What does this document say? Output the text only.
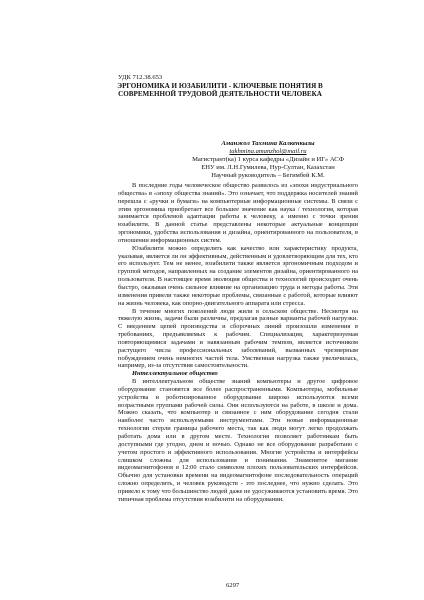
УДК 712.38.653
ЭРГОНОМИКА И ЮЗАБИЛИТИ - КЛЮЧЕВЫЕ ПОНЯТИЯ В СОВРЕМЕННОЙ ТРУДОВОЙ ДЕЯТЕЛЬНОСТИ ЧЕЛОВЕКА
Аманжол Тахмина Калкенкызы
takhmina.amanzhol@mail.ru
Магистрант(ка) 1 курса кафедры «Дизайн и ИГ» АСФ
ЕНУ им. Л.Н.Гумилева, Нур-Султан, Казахстан
Научный руководитель – Бегимбей К.М.

В последние годы человеческое общество развилось из «эпохи индустриального общества» в «эпоху общества знаний». Это означает, что поддержка носителей знаний перешла с «ручки и бумаги» на компьютерные информационные системы. В связи с этим эргономика приобретает все большее значение как наука / технология, которая занимается проблемой адаптации работы к человеку, а именно с точки зрения юзабилити. В данной статье представлены некоторые актуальные концепции эргономики, удобства использования и дизайна, ориентированного на пользователя, в отношении информационных систем.

Юзабилити можно определить как качество или характеристику продукта, указывая, является ли он эффективным, действенным и удовлетворяющим для тех, кто его использует. Тем не менее, юзабилити также является эргономичным подходом и группой методов, направленных на создание элементов дизайна, ориентированного на пользователя. В настоящее время эволюция общества и технологий происходит очень быстро, оказывая очень сильное влияние на организацию труда и методы работы. Эти изменения привели также некоторые проблемы, связанные с работой, которые влияют на жизнь человека, как опорно-двигательного аппарата или стресса.

В течение многих поколений люди жили в сельском обществе. Несмотря на тяжелую жизнь, задачи были различны, предлагая разные варианты рабочей нагрузки. С введением цепей производства и сборочных линий произошли изменения в требованиях, предъявляемых к рабочим. Специализация, характеризуемая повторяющимися задачами и навязанным рабочим темпом, является источником растущего числа профессиональных заболеваний, вызванных чрезмерным побуждением очень немногих частей тела. Умственная нагрузка также увеличилась, например, из-за отсутствия самостоятельности.

Интеллектуальное общество

В интеллектуальном обществе знаний компьютеры и другое цифровое оборудование становятся все более распространенными. Компьютеры, мобильные устройства и роботизированное оборудование широко используются всеми возрастными группами рабочей силы. Они используются на работе, в школе и дома. Можно сказать, что компьютер и связанное с ним оборудование сегодня стали наиболее часто используемыми инструментами. Эти новые информационные технологии стерли границы рабочего места, так как люди могут легко продолжать работать дома или в другом месте. Технология позволяет работникам быть доступными где угодно, днем и ночью. Однако не все оборудование разработано с учетом простого и эффективного использования. Многие устройства и интерфейсы слишком сложны для использования и понимания. Знаменитое мигание видеомагнитофонов в 12:00 стало символом плохих пользовательских интерфейсов. Обычно для установки времени на видеомагнитофоне последовательность операций сложно определить, и человек руководств - это последнее, что нужно сделать. Это привело к тому что большинство людей даже не удосуживаются установить время. Это типичная проблема отсутствия юзабилити на оборудовании.

6297
